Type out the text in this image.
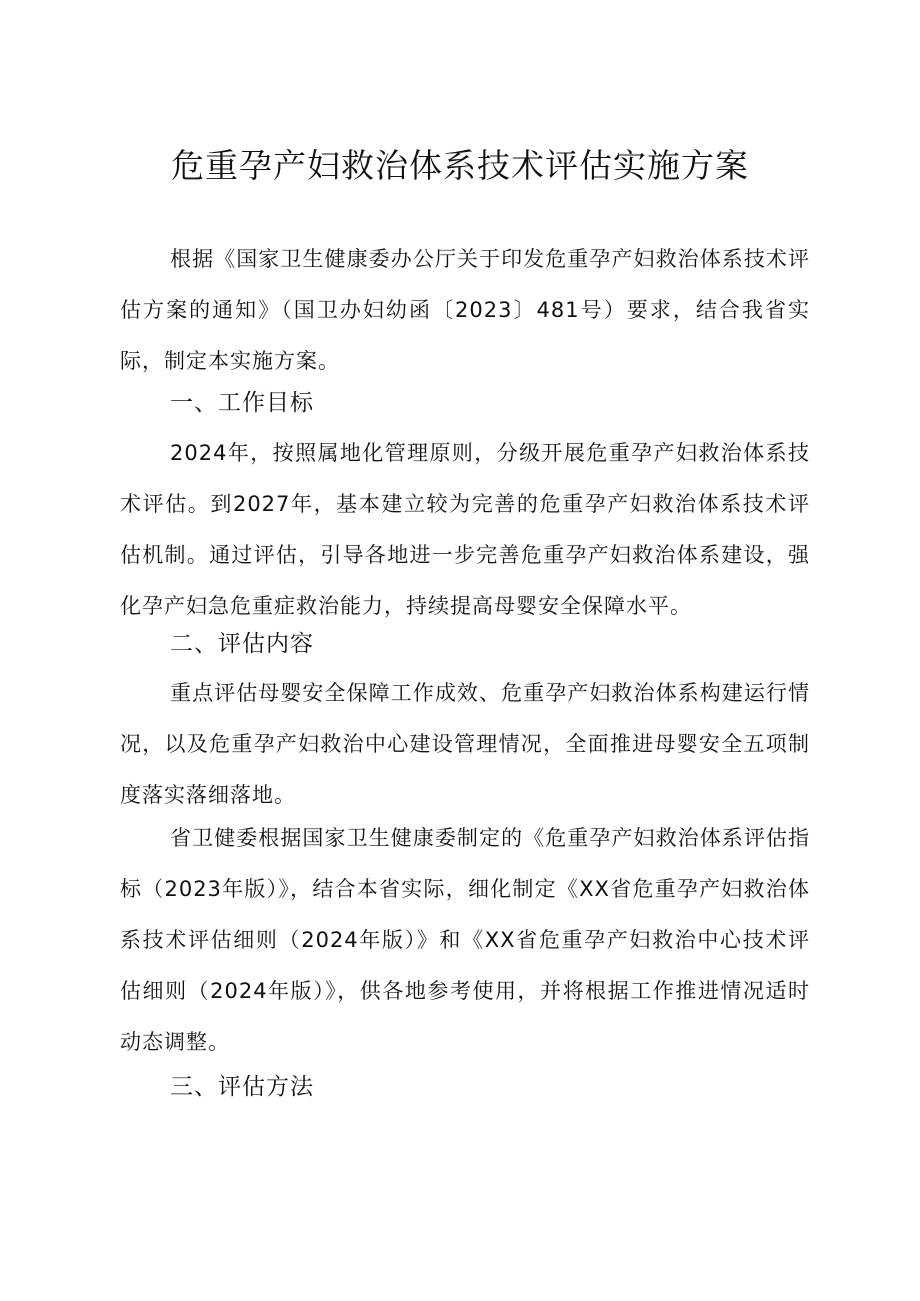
危重孕产妇救治体系技术评估实施方案

根据《国家卫生健康委办公厅关于印发危重孕产妇救治体系技术评估方案的通知》（国卫办妇幼函〔2023〕481号）要求，结合我省实际，制定本实施方案。

一、工作目标

2024年，按照属地化管理原则，分级开展危重孕产妇救治体系技术评估。到2027年，基本建立较为完善的危重孕产妇救治体系技术评估机制。通过评估，引导各地进一步完善危重孕产妇救治体系建设，强化孕产妇急危重症救治能力，持续提高母婴安全保障水平。

二、评估内容

重点评估母婴安全保障工作成效、危重孕产妇救治体系构建运行情况，以及危重孕产妇救治中心建设管理情况，全面推进母婴安全五项制度落实落细落地。

省卫健委根据国家卫生健康委制定的《危重孕产妇救治体系评估指标（2023年版）》，结合本省实际，细化制定《XX省危重孕产妇救治体系技术评估细则（2024年版）》和《XX省危重孕产妇救治中心技术评估细则（2024年版）》，供各地参考使用，并将根据工作推进情况适时动态调整。

三、评估方法
